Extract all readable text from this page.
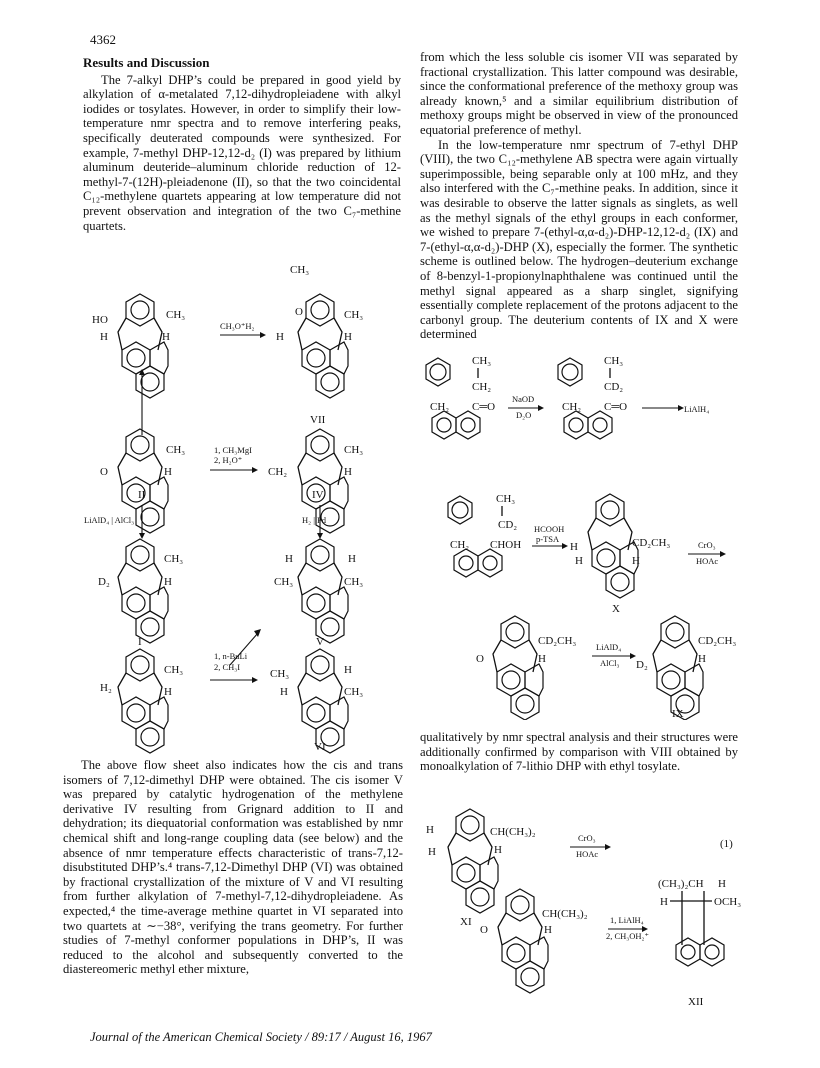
4362
Results and Discussion

The 7-alkyl DHP’s could be prepared in good yield by alkylation of α-metalated 7,12-dihydropleiadene with alkyl iodides or tosylates. However, in order to simplify their low-temperature nmr spectra and to remove interfering peaks, specifically deuterated compounds were synthesized. For example, 7-methyl DHP-12,12-d₂ (I) was prepared by lithium aluminum deuteride–aluminum chloride reduction of 12-methyl-7-(12H)-pleiadenone (II), so that the two coincidental C₁₂-methylene quartets appearing at low temperature did not prevent observation and integration of the two C₇-methine quartets.

The above flow sheet also indicates how the cis and trans isomers of 7,12-dimethyl DHP were obtained. The cis isomer V was prepared by catalytic hydrogenation of the methylene derivative IV resulting from Grignard addition to II and dehydration; its diequatorial conformation was established by nmr chemical shift and long-range coupling data (see below) and the absence of nmr temperature effects characteristic of trans-7,12-disubstituted DHP’s.⁴ trans-7,12-Dimethyl DHP (VI) was obtained by fractional crystallization of the mixture of V and VI resulting from further alkylation of 7-methyl-7,12-dihydropleiadene. As expected,⁴ the time-average methine quartet in VI separated into two quartets at ∼−38°, verifying the trans geometry. For further studies of 7-methyl conformer populations in DHP’s, II was reduced to the alcohol and subsequently converted to the diastereomeric methyl ether mixture,

from which the less soluble cis isomer VII was separated by fractional crystallization. This latter compound was desirable, since the conformational preference of the methoxy group was already known,⁵ and a similar equilibrium distribution of methoxy groups might be observed in view of the pronounced equatorial preference of methyl.

In the low-temperature nmr spectrum of 7-ethyl DHP (VIII), the two C₁₂-methylene AB spectra were again virtually superimpossible, being separable only at 100 mHz, and they also interfered with the C₇-methine peaks. In addition, since it was desirable to observe the latter signals as singlets, as well as the methyl signals of the ethyl groups in each conformer, we wished to prepare 7-(ethyl-α,α-d₂)-DHP-12,12-d₂ (IX) and 7-(ethyl-α,α-d₂)-DHP (X), especially the former. The synthetic scheme is outlined below. The hydrogen–deuterium exchange of 8-benzyl-1-propionylnaphthalene was continued until the methyl signal appeared as a sharp singlet, signifying essentially complete replacement of the protons adjacent to the carbonyl group. The deuterium contents of IX and X were determined

qualitatively by nmr spectral analysis and their structures were additionally confirmed by comparison with VIII obtained by monoalkylation of 7-lithio DHP with ethyl tosylate.

HO
H
CH₃
H
CH₃O⁺H₂
CH₃
O	CH₃
H	H
VII
O
CH₃
H
II
1, CH₃MgI
2, H₂O⁺
CH₂
CH₃
H
IV
LiAlD₄ | AlCl₃	H₂ | Pd
D₂
CH₃
H
I
H	H
CH₃	CH₃
V
H₂
CH₃
H
1, n-BuLi
2, CH₃I
CH₃	H
H	CH₃
VI
CH₃
CH₂
CH₂ C═O
NaOD
D₂O
CH₃
CD₂
CH₂ C═O	LiAlH₄
CH₃
CD₂
CH₂ CHOH
HCOOH
p-TSA
H
H
CD₂CH₃
H
X
CrO₃
HOAc
O
CD₂CH₃
H
LiAlD₄
AlCl₃ D₂
CD₂CH₃
H
IX
H
H
CH(CH₃)₂
H
XI
CrO₃
HOAc
(1)
O
CH(CH₃)₂
H
1, LiAlH₄
2, CH₃OH₂⁺
(CH₃)₂CH H
H	OCH₃
XII
Journal of the American Chemical Society / 89:17 / August 16, 1967
